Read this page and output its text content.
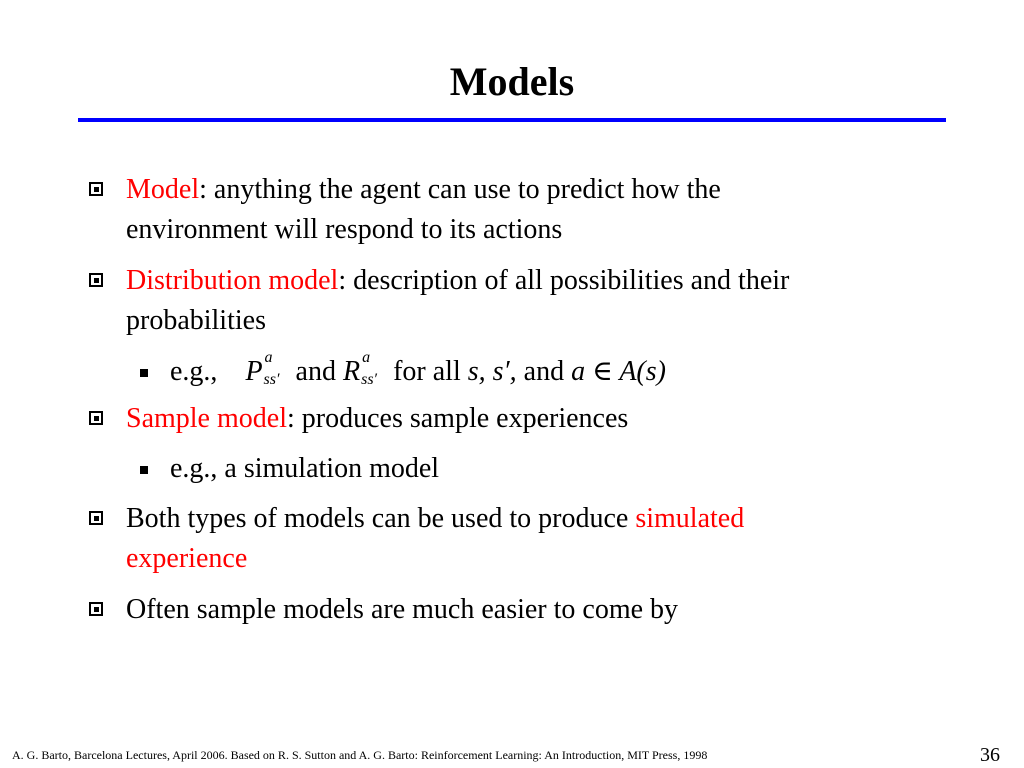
Models
Model: anything the agent can use to predict how the
environment will respond to its actions
Distribution model: description of all possibilities and their
probabilities
e.g., P a
ss′ and R a
ss′ for all s, s′, and a ∈ A(s)
Sample model: produces sample experiences
e.g., a simulation model
Both types of models can be used to produce simulated
experience
Often sample models are much easier to come by
A. G. Barto, Barcelona Lectures, April 2006. Based on R. S. Sutton and A. G. Barto: Reinforcement Learning: An Introduction, MIT Press, 1998	36
